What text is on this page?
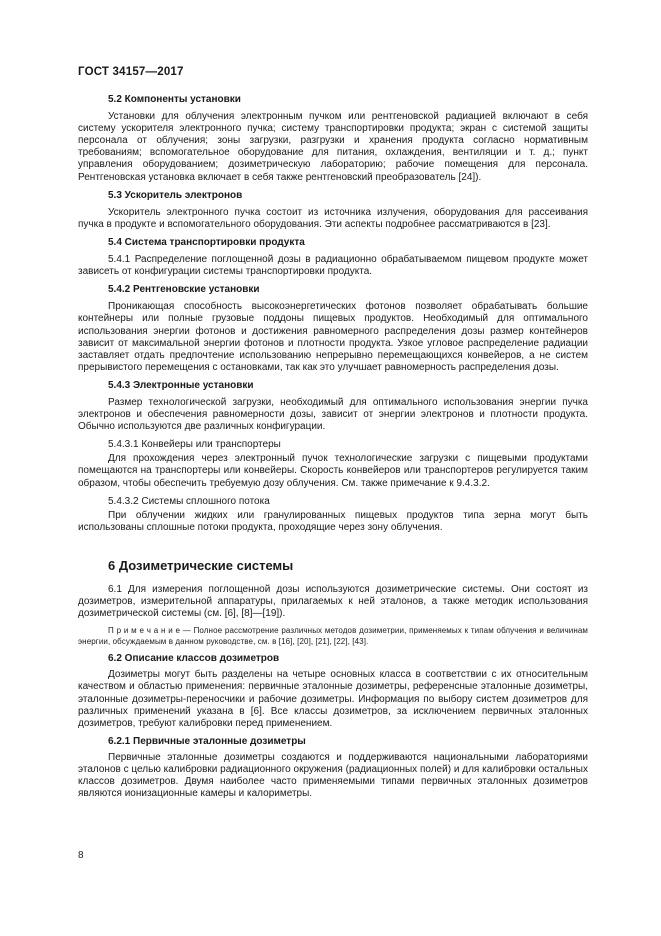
ГОСТ 34157—2017
5.2 Компоненты установки
Установки для облучения электронным пучком или рентгеновской радиацией включают в себя систему ускорителя электронного пучка; систему транспортировки продукта; экран с системой защиты персонала от облучения; зоны загрузки, разгрузки и хранения продукта согласно нормативным требованиям; вспомогательное оборудование для питания, охлаждения, вентиляции и т. д.; пункт управления оборудованием; дозиметрическую лабораторию; рабочие помещения для персонала. Рентгеновская установка включает в себя также рентгеновский преобразователь [24]).
5.3 Ускоритель электронов
Ускоритель электронного пучка состоит из источника излучения, оборудования для рассеивания пучка в продукте и вспомогательного оборудования. Эти аспекты подробнее рассматриваются в [23].
5.4 Система транспортировки продукта
5.4.1 Распределение поглощенной дозы в радиационно обрабатываемом пищевом продукте может зависеть от конфигурации системы транспортировки продукта.
5.4.2 Рентгеновские установки
Проникающая способность высокоэнергетических фотонов позволяет обрабатывать большие контейнеры или полные грузовые поддоны пищевых продуктов. Необходимый для оптимального использования энергии фотонов и достижения равномерного распределения дозы размер контейнеров зависит от максимальной энергии фотонов и плотности продукта. Узкое угловое распределение радиации заставляет отдать предпочтение использованию непрерывно перемещающихся конвейеров, а не систем прерывистого перемещения с остановками, так как это улучшает равномерность распределения дозы.
5.4.3 Электронные установки
Размер технологической загрузки, необходимый для оптимального использования энергии пучка электронов и обеспечения равномерности дозы, зависит от энергии электронов и плотности продукта. Обычно используются две различных конфигурации.
5.4.3.1 Конвейеры или транспортеры
Для прохождения через электронный пучок технологические загрузки с пищевыми продуктами помещаются на транспортеры или конвейеры. Скорость конвейеров или транспортеров регулируется таким образом, чтобы обеспечить требуемую дозу облучения. См. также примечание к 9.4.3.2.
5.4.3.2 Системы сплошного потока
При облучении жидких или гранулированных пищевых продуктов типа зерна могут быть использованы сплошные потоки продукта, проходящие через зону облучения.
6 Дозиметрические системы
6.1 Для измерения поглощенной дозы используются дозиметрические системы. Они состоят из дозиметров, измерительной аппаратуры, прилагаемых к ней эталонов, а также методик использования дозиметрической системы (см. [6], [8]—[19]).
П р и м е ч а н и е — Полное рассмотрение различных методов дозиметрии, применяемых к типам облучения и величинам энергии, обсуждаемым в данном руководстве, см. в [16], [20], [21], [22], [43].
6.2 Описание классов дозиметров
Дозиметры могут быть разделены на четыре основных класса в соответствии с их относительным качеством и областью применения: первичные эталонные дозиметры, референсные эталонные дозиметры, эталонные дозиметры-переносчики и рабочие дозиметры. Информация по выбору систем дозиметров для различных применений указана в [6]. Все классы дозиметров, за исключением первичных эталонных дозиметров, требуют калибровки перед применением.
6.2.1 Первичные эталонные дозиметры
Первичные эталонные дозиметры создаются и поддерживаются национальными лабораториями эталонов с целью калибровки радиационного окружения (радиационных полей) и для калибровки остальных классов дозиметров. Двумя наиболее часто применяемыми типами первичных эталонных дозиметров являются ионизационные камеры и калориметры.
8
